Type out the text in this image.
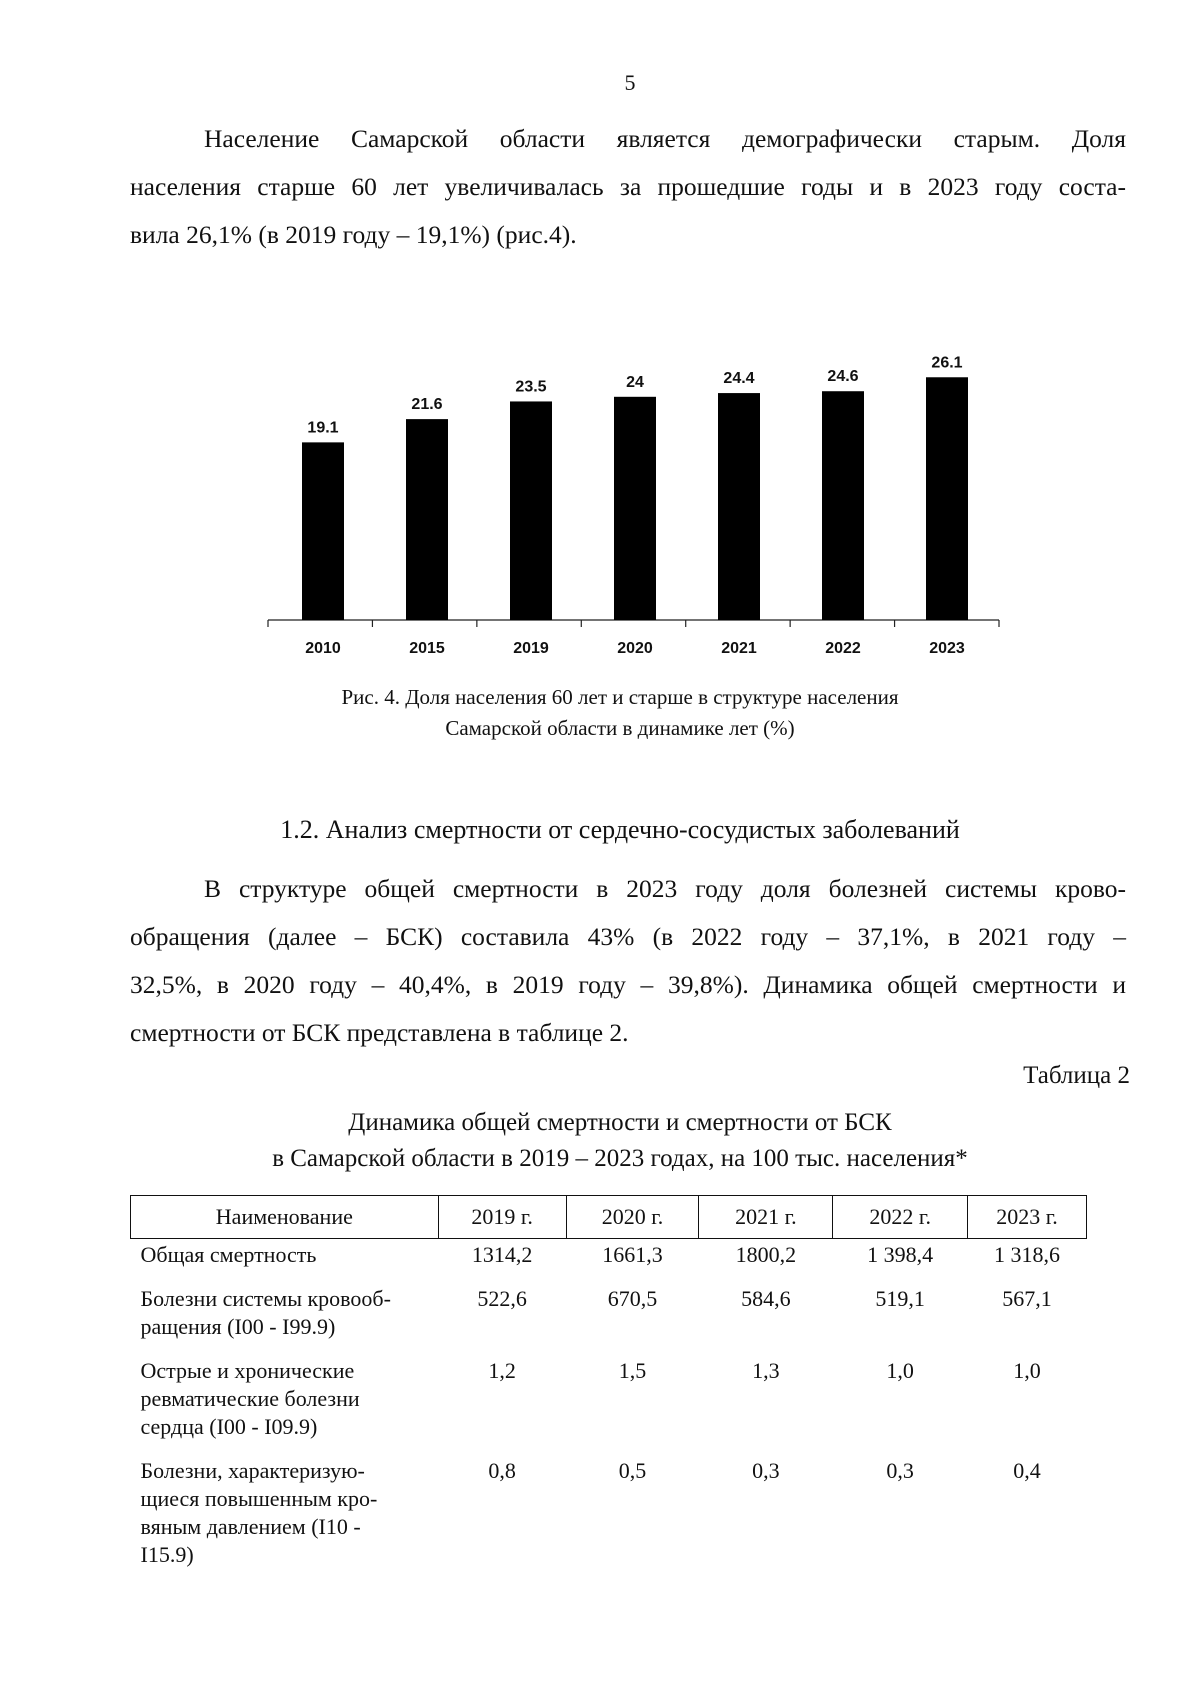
5
Население Самарской области является демографически старым. Доля
населения старше 60 лет увеличивалась за прошедшие годы и в 2023 году соста-
вила 26,1% (в 2019 году – 19,1%) (рис.4).
19.1
2010
21.6
2015
23.5
2019
24
2020
24.4
2021
24.6
2022
26.1
2023
Рис. 4. Доля населения 60 лет и старше в структуре населения
Самарской области в динамике лет (%)
1.2. Анализ смертности от сердечно-сосудистых заболеваний
В структуре общей смертности в 2023 году доля болезней системы крово-
обращения (далее – БСК) составила 43% (в 2022 году – 37,1%, в 2021 году –
32,5%, в 2020 году – 40,4%, в 2019 году – 39,8%). Динамика общей смертности и
смертности от БСК представлена в таблице 2.
Таблица 2
Динамика общей смертности и смертности от БСК
в Самарской области в 2019 – 2023 годах, на 100 тыс. населения*
Наименование	2019 г.	2020 г.	2021 г.	2022 г.	2023 г.

Общая смертность	1314,2	1661,3	1800,2	1 398,4	1 318,6

Болезни системы кровооб-
ращения (I00 - I99.9)	522,6	670,5	584,6	519,1	567,1

Острые и хронические
ревматические болезни
сердца (I00 - I09.9)	1,2	1,5	1,3	1,0	1,0

Болезни, характеризую-
щиеся повышенным кро-
вяным давлением (I10 -
I15.9)	0,8	0,5	0,3	0,3	0,4
